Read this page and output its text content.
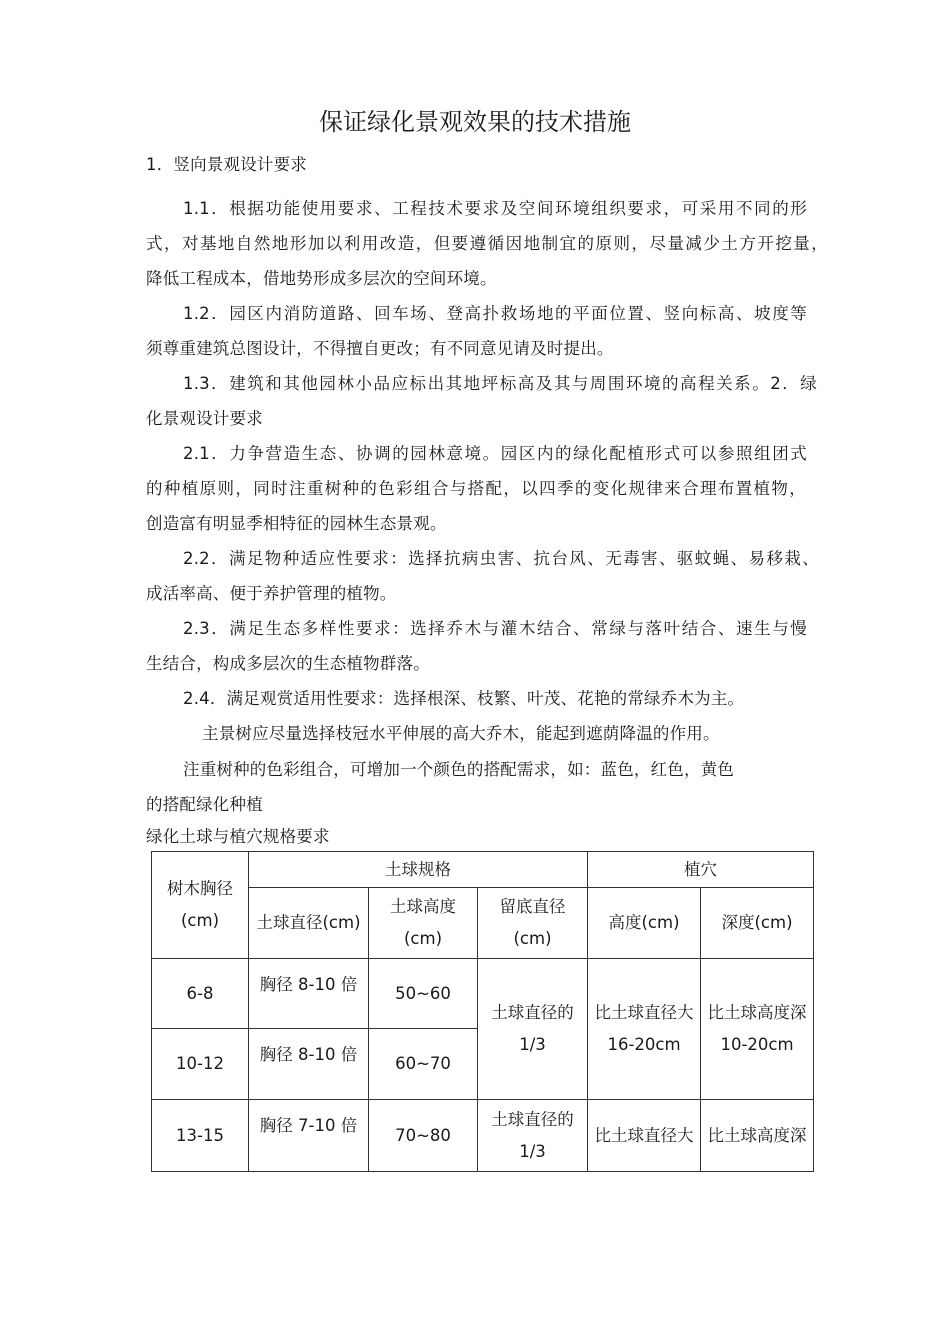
保证绿化景观效果的技术措施
1．竖向景观设计要求
1.1．根据功能使用要求、工程技术要求及空间环境组织要求，可采用不同的形
式，对基地自然地形加以利用改造，但要遵循因地制宜的原则，尽量减少土方开挖量，
降低工程成本，借地势形成多层次的空间环境。
1.2．园区内消防道路、回车场、登高扑救场地的平面位置、竖向标高、坡度等
须尊重建筑总图设计，不得擅自更改；有不同意见请及时提出。
1.3．建筑和其他园林小品应标出其地坪标高及其与周围环境的高程关系。2．绿
化景观设计要求
2.1．力争营造生态、协调的园林意境。园区内的绿化配植形式可以参照组团式
的种植原则，同时注重树种的色彩组合与搭配，以四季的变化规律来合理布置植物，
创造富有明显季相特征的园林生态景观。
2.2．满足物种适应性要求：选择抗病虫害、抗台风、无毒害、驱蚊蝇、易移栽、
成活率高、便于养护管理的植物。
2.3．满足生态多样性要求：选择乔木与灌木结合、常绿与落叶结合、速生与慢
生结合，构成多层次的生态植物群落。
2.4．满足观赏适用性要求：选择根深、枝繁、叶茂、花艳的常绿乔木为主。
主景树应尽量选择枝冠水平伸展的高大乔木，能起到遮荫降温的作用。
注重树种的色彩组合，可增加一个颜色的搭配需求，如：蓝色，红色，黄色
的搭配绿化种植
绿化土球与植穴规格要求
树木胸径(cm)	土球规格			植穴	
	土球直径(cm)	土球高度(cm)	留底直径(cm)	高度(cm)	深度(cm)
6-8	胸径 8-10 倍	50~60	土球直径的 1/3	比土球直径大 16-20cm	比土球高度深 10-20cm
10-12	胸径 8-10 倍	60~70			
13-15	胸径 7-10 倍	70~80	土球直径的 1/3	比土球直径大	比土球高度深
